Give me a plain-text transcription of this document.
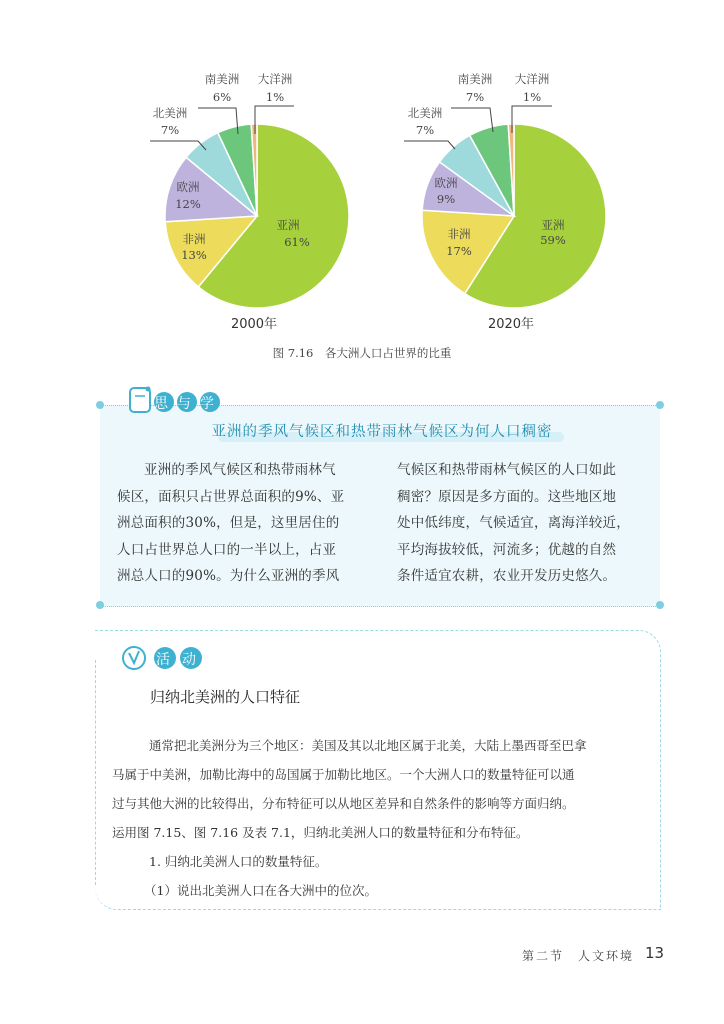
亚洲
61%
非洲
13%
欧洲
12%
北美洲
7%
南美洲
6%
大洋洲
1%
2000年
亚洲
59%
非洲
17%
欧洲
9%
北美洲
7%
南美洲
7%
大洋洲
1%
2020年
图 7.16　各大洲人口占世界的比重
思与学
亚洲的季风气候区和热带雨林气候区为何人口稠密
亚洲的季风气候区和热带雨林气
候区，面积只占世界总面积的9%、亚
洲总面积的30%，但是，这里居住的
人口占世界总人口的一半以上，占亚
洲总人口的90%。为什么亚洲的季风
气候区和热带雨林气候区的人口如此
稠密？原因是多方面的。这些地区地
处中低纬度，气候适宜，离海洋较近，
平均海拔较低，河流多；优越的自然
条件适宜农耕，农业开发历史悠久。
活动
归纳北美洲的人口特征
通常把北美洲分为三个地区：美国及其以北地区属于北美，大陆上墨西哥至巴拿
马属于中美洲，加勒比海中的岛国属于加勒比地区。一个大洲人口的数量特征可以通
过与其他大洲的比较得出，分布特征可以从地区差异和自然条件的影响等方面归纳。
运用图 7.15、图 7.16 及表 7.1，归纳北美洲人口的数量特征和分布特征。
1. 归纳北美洲人口的数量特征。
（1）说出北美洲人口在各大洲中的位次。
第二节　人文环境 13
